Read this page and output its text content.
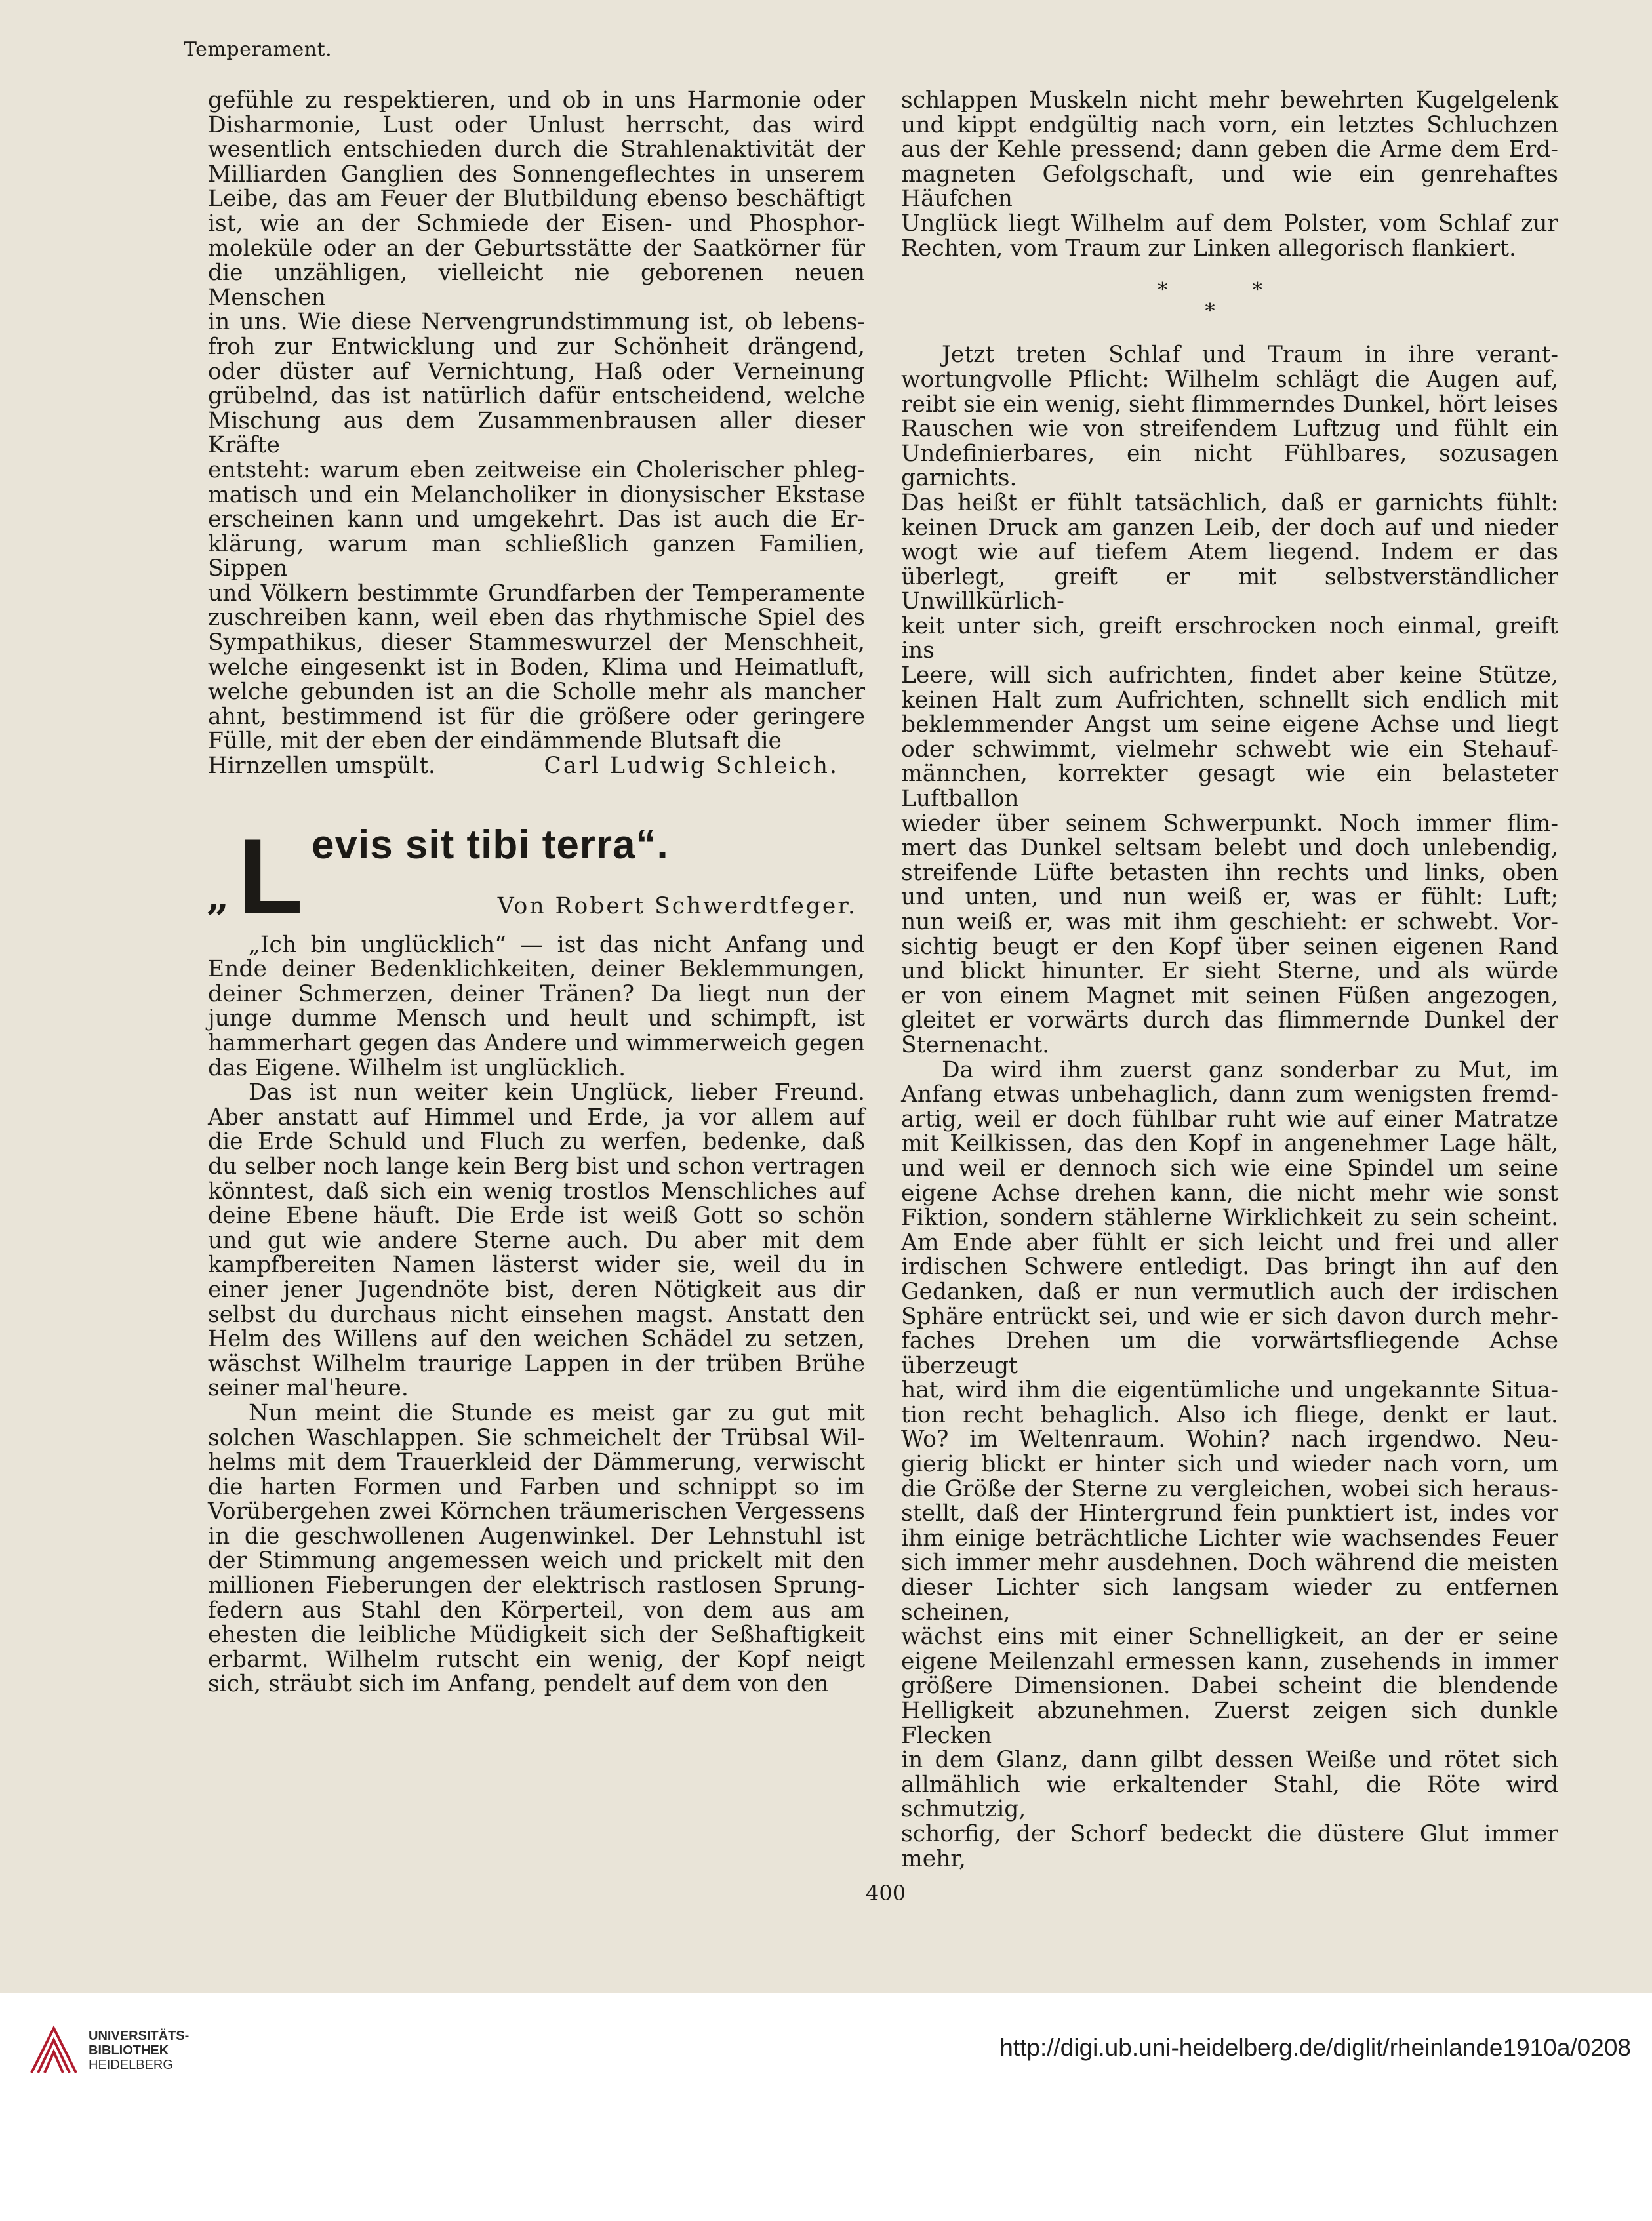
Temperament.

gefühle zu respektieren, und ob in uns Harmonie oder

Disharmonie, Lust oder Unlust herrscht, das wird

wesentlich entschieden durch die Strahlenaktivität der

Milliarden Ganglien des Sonnengeflechtes in unserem

Leibe, das am Feuer der Blutbildung ebenso beschäftigt

ist, wie an der Schmiede der Eisen- und Phosphor-

moleküle oder an der Geburtsstätte der Saatkörner für

die unzähligen, vielleicht nie geborenen neuen Menschen

in uns. Wie diese Nervengrundstimmung ist, ob lebens-

froh zur Entwicklung und zur Schönheit drängend,

oder düster auf Vernichtung, Haß oder Verneinung

grübelnd, das ist natürlich dafür entscheidend, welche

Mischung aus dem Zusammenbrausen aller dieser Kräfte

entsteht: warum eben zeitweise ein Cholerischer phleg-

matisch und ein Melancholiker in dionysischer Ekstase

erscheinen kann und umgekehrt. Das ist auch die Er-

klärung, warum man schließlich ganzen Familien, Sippen

und Völkern bestimmte Grundfarben der Temperamente

zuschreiben kann, weil eben das rhythmische Spiel des

Sympathikus, dieser Stammeswurzel der Menschheit,

welche eingesenkt ist in Boden, Klima und Heimatluft,

welche gebunden ist an die Scholle mehr als mancher

ahnt, bestimmend ist für die größere oder geringere

Fülle, mit der eben der eindämmende Blutsaft die

Hirnzellen umspült.	Carl Ludwig Schleich.

„ L evis sit tibi terra“.
Von Robert Schwerdtfeger.

„Ich bin unglücklich“ — ist das nicht Anfang und

Ende deiner Bedenklichkeiten, deiner Beklemmungen,

deiner Schmerzen, deiner Tränen? Da liegt nun der

junge dumme Mensch und heult und schimpft, ist

hammerhart gegen das Andere und wimmerweich gegen

das Eigene. Wilhelm ist unglücklich.

Das ist nun weiter kein Unglück, lieber Freund.

Aber anstatt auf Himmel und Erde, ja vor allem auf

die Erde Schuld und Fluch zu werfen, bedenke, daß

du selber noch lange kein Berg bist und schon vertragen

könntest, daß sich ein wenig trostlos Menschliches auf

deine Ebene häuft. Die Erde ist weiß Gott so schön

und gut wie andere Sterne auch. Du aber mit dem

kampfbereiten Namen lästerst wider sie, weil du in

einer jener Jugendnöte bist, deren Nötigkeit aus dir

selbst du durchaus nicht einsehen magst. Anstatt den

Helm des Willens auf den weichen Schädel zu setzen,

wäschst Wilhelm traurige Lappen in der trüben Brühe

seiner mal'heure.

Nun meint die Stunde es meist gar zu gut mit

solchen Waschlappen. Sie schmeichelt der Trübsal Wil-

helms mit dem Trauerkleid der Dämmerung, verwischt

die harten Formen und Farben und schnippt so im

Vorübergehen zwei Körnchen träumerischen Vergessens

in die geschwollenen Augenwinkel. Der Lehnstuhl ist

der Stimmung angemessen weich und prickelt mit den

millionen Fieberungen der elektrisch rastlosen Sprung-

federn aus Stahl den Körperteil, von dem aus am

ehesten die leibliche Müdigkeit sich der Seßhaftigkeit

erbarmt. Wilhelm rutscht ein wenig, der Kopf neigt

sich, sträubt sich im Anfang, pendelt auf dem von den

schlappen Muskeln nicht mehr bewehrten Kugelgelenk

und kippt endgültig nach vorn, ein letztes Schluchzen

aus der Kehle pressend; dann geben die Arme dem Erd-

magneten Gefolgschaft, und wie ein genrehaftes Häufchen

Unglück liegt Wilhelm auf dem Polster, vom Schlaf zur

Rechten, vom Traum zur Linken allegorisch flankiert.

* *
*

Jetzt treten Schlaf und Traum in ihre verant-

wortungvolle Pflicht: Wilhelm schlägt die Augen auf,

reibt sie ein wenig, sieht flimmerndes Dunkel, hört leises

Rauschen wie von streifendem Luftzug und fühlt ein

Undefinierbares, ein nicht Fühlbares, sozusagen garnichts.

Das heißt er fühlt tatsächlich, daß er garnichts fühlt:

keinen Druck am ganzen Leib, der doch auf und nieder

wogt wie auf tiefem Atem liegend. Indem er das

überlegt, greift er mit selbstverständlicher Unwillkürlich-

keit unter sich, greift erschrocken noch einmal, greift ins

Leere, will sich aufrichten, findet aber keine Stütze,

keinen Halt zum Aufrichten, schnellt sich endlich mit

beklemmender Angst um seine eigene Achse und liegt

oder schwimmt, vielmehr schwebt wie ein Stehauf-

männchen, korrekter gesagt wie ein belasteter Luftballon

wieder über seinem Schwerpunkt. Noch immer flim-

mert das Dunkel seltsam belebt und doch unlebendig,

streifende Lüfte betasten ihn rechts und links, oben

und unten, und nun weiß er, was er fühlt: Luft;

nun weiß er, was mit ihm geschieht: er schwebt. Vor-

sichtig beugt er den Kopf über seinen eigenen Rand

und blickt hinunter. Er sieht Sterne, und als würde

er von einem Magnet mit seinen Füßen angezogen,

gleitet er vorwärts durch das flimmernde Dunkel der

Sternenacht.

Da wird ihm zuerst ganz sonderbar zu Mut, im

Anfang etwas unbehaglich, dann zum wenigsten fremd-

artig, weil er doch fühlbar ruht wie auf einer Matratze

mit Keilkissen, das den Kopf in angenehmer Lage hält,

und weil er dennoch sich wie eine Spindel um seine

eigene Achse drehen kann, die nicht mehr wie sonst

Fiktion, sondern stählerne Wirklichkeit zu sein scheint.

Am Ende aber fühlt er sich leicht und frei und aller

irdischen Schwere entledigt. Das bringt ihn auf den

Gedanken, daß er nun vermutlich auch der irdischen

Sphäre entrückt sei, und wie er sich davon durch mehr-

faches Drehen um die vorwärtsfliegende Achse überzeugt

hat, wird ihm die eigentümliche und ungekannte Situa-

tion recht behaglich. Also ich fliege, denkt er laut.

Wo? im Weltenraum. Wohin? nach irgendwo. Neu-

gierig blickt er hinter sich und wieder nach vorn, um

die Größe der Sterne zu vergleichen, wobei sich heraus-

stellt, daß der Hintergrund fein punktiert ist, indes vor

ihm einige beträchtliche Lichter wie wachsendes Feuer

sich immer mehr ausdehnen. Doch während die meisten

dieser Lichter sich langsam wieder zu entfernen scheinen,

wächst eins mit einer Schnelligkeit, an der er seine

eigene Meilenzahl ermessen kann, zusehends in immer

größere Dimensionen. Dabei scheint die blendende

Helligkeit abzunehmen. Zuerst zeigen sich dunkle Flecken

in dem Glanz, dann gilbt dessen Weiße und rötet sich

allmählich wie erkaltender Stahl, die Röte wird schmutzig,

schorfig, der Schorf bedeckt die düstere Glut immer mehr,

400
UNIVERSITÄTS-
BIBLIOTHEK
HEIDELBERG
http://digi.ub.uni-heidelberg.de/diglit/rheinlande1910a/0208
